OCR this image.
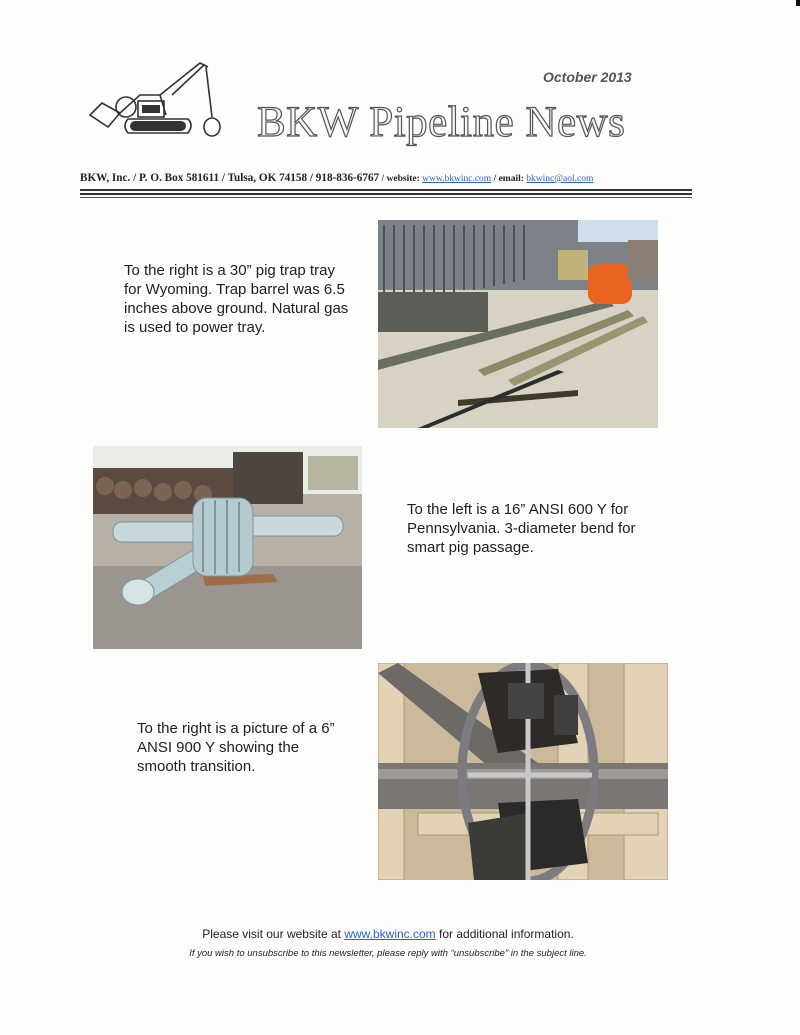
October 2013
BKW Pipeline News
BKW, Inc. / P. O. Box 581611 / Tulsa, OK 74158 / 918-836-6767 / website: www.bkwinc.com / email: bkwinc@aol.com
To the right is a 30” pig trap tray for Wyoming. Trap barrel was 6.5 inches above ground. Natural gas is used to power tray.
To the left is a 16” ANSI 600 Y for Pennsylvania. 3-diameter bend for smart pig passage.
To the right is a picture of a 6” ANSI 900 Y showing the smooth transition.
Please visit our website at www.bkwinc.com for additional information.
If you wish to unsubscribe to this newsletter, please reply with “unsubscribe” in the subject line.
